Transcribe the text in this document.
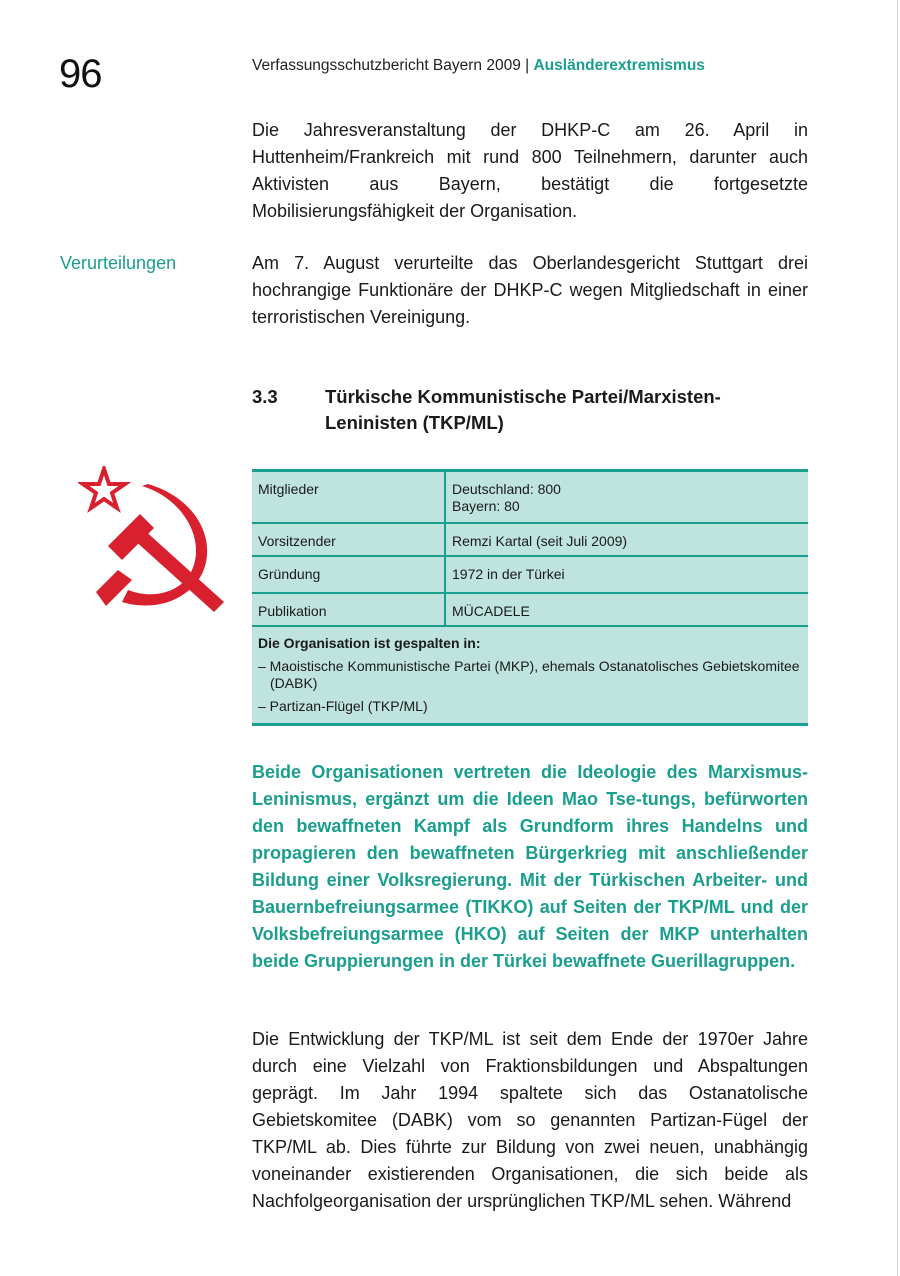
96	Verfassungsschutzbericht Bayern 2009 | Ausländerextremismus

Die Jahresveranstaltung der DHKP-C am 26. April in Huttenheim/Frankreich mit rund 800 Teilnehmern, darunter auch Aktivisten aus Bayern, bestätigt die fortgesetzte Mobilisierungsfähigkeit der Organisation.

Verurteilungen	Am 7. August verurteilte das Oberlandesgericht Stuttgart drei hochrangige Funktionäre der DHKP-C wegen Mitgliedschaft in einer terroristischen Vereinigung.

3.3	Türkische Kommunistische Partei/Marxisten-Leninisten (TKP/ML)
Mitglieder	Deutschland: 800
Bayern: 80
Vorsitzender	Remzi Kartal (seit Juli 2009)
Gründung	1972 in der Türkei
Publikation	MÜCADELE
Die Organisation ist gespalten in:
– Maoistische Kommunistische Partei (MKP), ehemals Ostanatolisches Gebietskomitee (DABK)
– Partizan-Flügel (TKP/ML)

Beide Organisationen vertreten die Ideologie des Marxismus-Leninismus, ergänzt um die Ideen Mao Tse-tungs, befürworten den bewaffneten Kampf als Grundform ihres Handelns und propagieren den bewaffneten Bürgerkrieg mit anschließender Bildung einer Volksregierung. Mit der Türkischen Arbeiter- und Bauernbefreiungsarmee (TIKKO) auf Seiten der TKP/ML und der Volksbefreiungsarmee (HKO) auf Seiten der MKP unterhalten beide Gruppierungen in der Türkei bewaffnete Guerillagruppen.

Die Entwicklung der TKP/ML ist seit dem Ende der 1970er Jahre durch eine Vielzahl von Fraktionsbildungen und Abspaltungen geprägt. Im Jahr 1994 spaltete sich das Ostanatolische Gebietskomitee (DABK) vom so genannten Partizan-Fügel der TKP/ML ab. Dies führte zur Bildung von zwei neuen, unabhängig voneinander existierenden Organisationen, die sich beide als Nachfolgeorganisation der ursprünglichen TKP/ML sehen. Während
